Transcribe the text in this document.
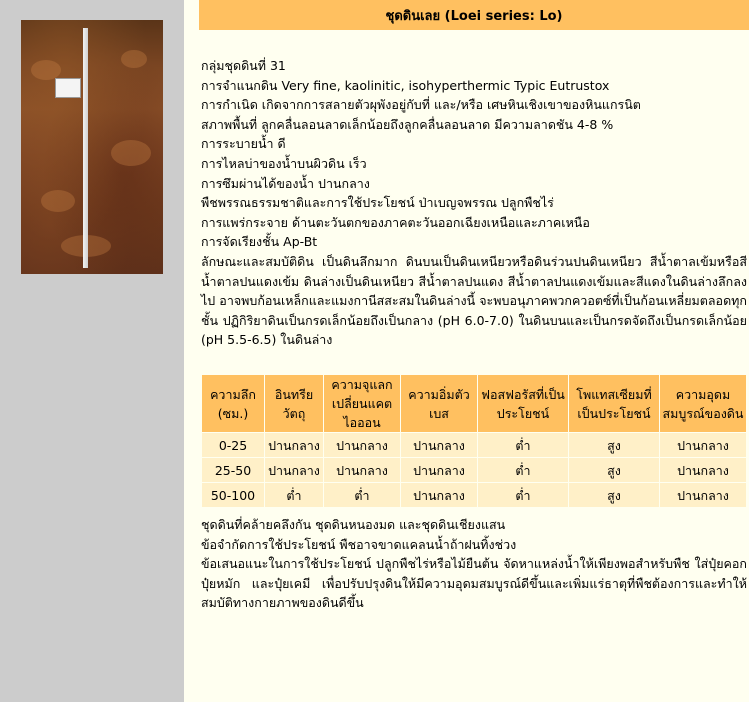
ชุดดินเลย (Loei series: Lo)

กลุ่มชุดดินที่ 31

การจำแนกดิน Very fine, kaolinitic, isohyperthermic Typic Eutrustox

การกำเนิด เกิดจากการสลายตัวผุพังอยู่กับที่ และ/หรือ เศษหินเชิงเขาของหินแกรนิต

สภาพพื้นที่ ลูกคลื่นลอนลาดเล็กน้อยถึงลูกคลื่นลอนลาด มีความลาดชัน 4-8 %

การระบายน้ำ ดี

การไหลบ่าของน้ำบนผิวดิน เร็ว

การซึมผ่านได้ของน้ำ ปานกลาง

พืชพรรณธรรมชาติและการใช้ประโยชน์ ป่าเบญจพรรณ ปลูกพืชไร่

การแพร่กระจาย ด้านตะวันตกของภาคตะวันออกเฉียงเหนือและภาคเหนือ

การจัดเรียงชั้น Ap-Bt

ลักษณะและสมบัติดิน เป็นดินลึกมาก ดินบนเป็นดินเหนียวหรือดินร่วนปนดินเหนียว สีน้ำตาลเข้มหรือสีน้ำตาลปนแดงเข้ม ดินล่างเป็นดินเหนียว สีน้ำตาลปนแดง สีน้ำตาลปนแดงเข้มและสีแดงในดินล่างลึกลงไป อาจพบก้อนเหล็กและแมงกานีสสะสมในดินล่างนี้ จะพบอนุภาคพวกควอตซ์ที่เป็นก้อนเหลี่ยมตลอดทุกชั้น ปฏิกิริยาดินเป็นกรดเล็กน้อยถึงเป็นกลาง (pH 6.0-7.0) ในดินบนและเป็นกรดจัดถึงเป็นกรดเล็กน้อย (pH 5.5-6.5) ในดินล่าง

ความลึก (ซม.)	อินทรียวัตถุ	ความจุแลกเปลี่ยนแคตไอออน	ความอิ่มตัวเบส	ฟอสฟอรัสที่เป็นประโยชน์	โพแทสเซียมที่เป็นประโยชน์	ความอุดมสมบูรณ์ของดิน
0-25	ปานกลาง	ปานกลาง	ปานกลาง	ต่ำ	สูง	ปานกลาง
25-50	ปานกลาง	ปานกลาง	ปานกลาง	ต่ำ	สูง	ปานกลาง
50-100	ต่ำ	ต่ำ	ปานกลาง	ต่ำ	สูง	ปานกลาง

ชุดดินที่คล้ายคลึงกัน ชุดดินหนองมด และชุดดินเชียงแสน

ข้อจำกัดการใช้ประโยชน์ พืชอาจขาดแคลนน้ำถ้าฝนทิ้งช่วง

ข้อเสนอแนะในการใช้ประโยชน์ ปลูกพืชไร่หรือไม้ยืนต้น จัดหาแหล่งน้ำให้เพียงพอสำหรับพืช ใส่ปุ๋ยคอก ปุ๋ยหมัก และปุ๋ยเคมี เพื่อปรับปรุงดินให้มีความอุดมสมบูรณ์ดีขึ้นและเพิ่มแร่ธาตุที่พืชต้องการและทำให้สมบัติทางกายภาพของดินดีขึ้น
